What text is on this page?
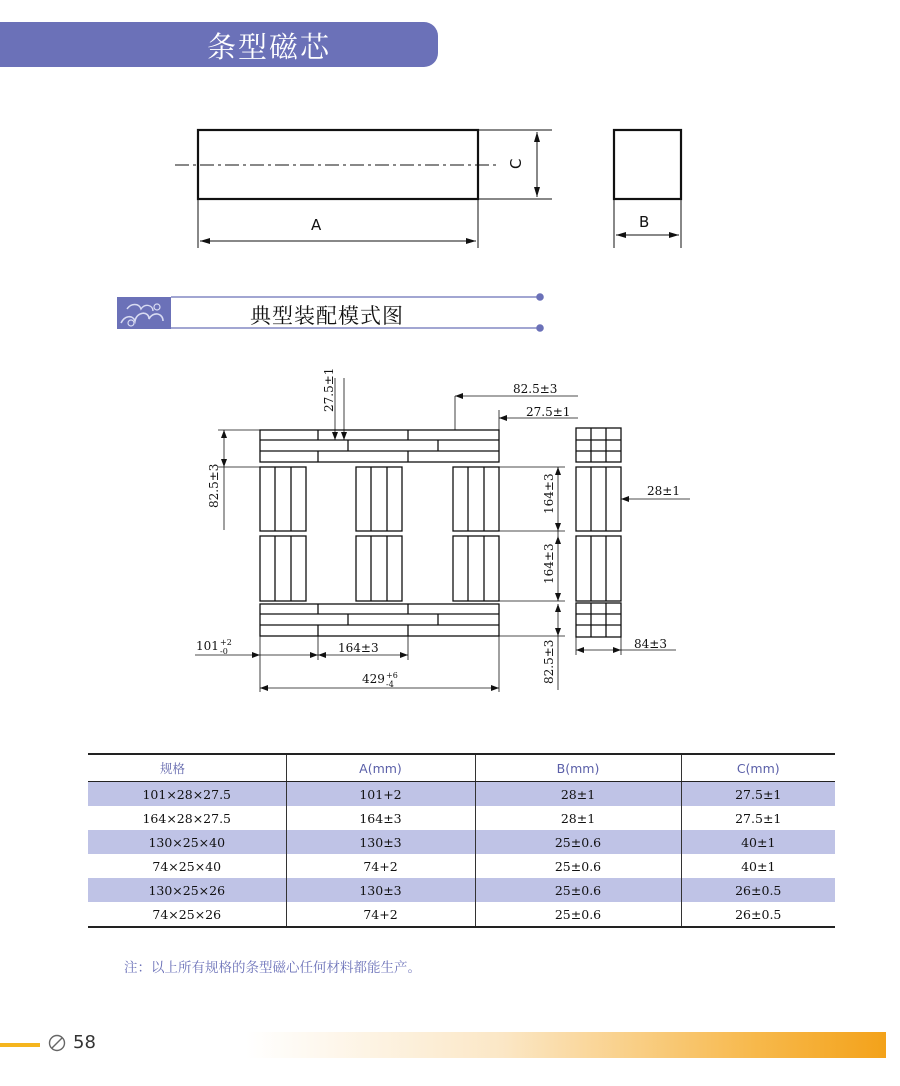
条型磁芯
典型装配模式图
A
C
B
27.5±1	82.5±3
27.5±1
82.5±3	164±3
164±3
28±1
101 +2
-0	164±3
429 +6
-4
82.5±3	84±3
规格	A(mm)	B(mm)	C(mm)
101×28×27.5	101+2	28±1	27.5±1
164×28×27.5	164±3	28±1	27.5±1
130×25×40	130±3	25±0.6	40±1
74×25×40	74+2	25±0.6	40±1
130×25×26	130±3	25±0.6	26±0.5
74×25×26	74+2	25±0.6	26±0.5
注：以上所有规格的条型磁心任何材料都能生产。
58
